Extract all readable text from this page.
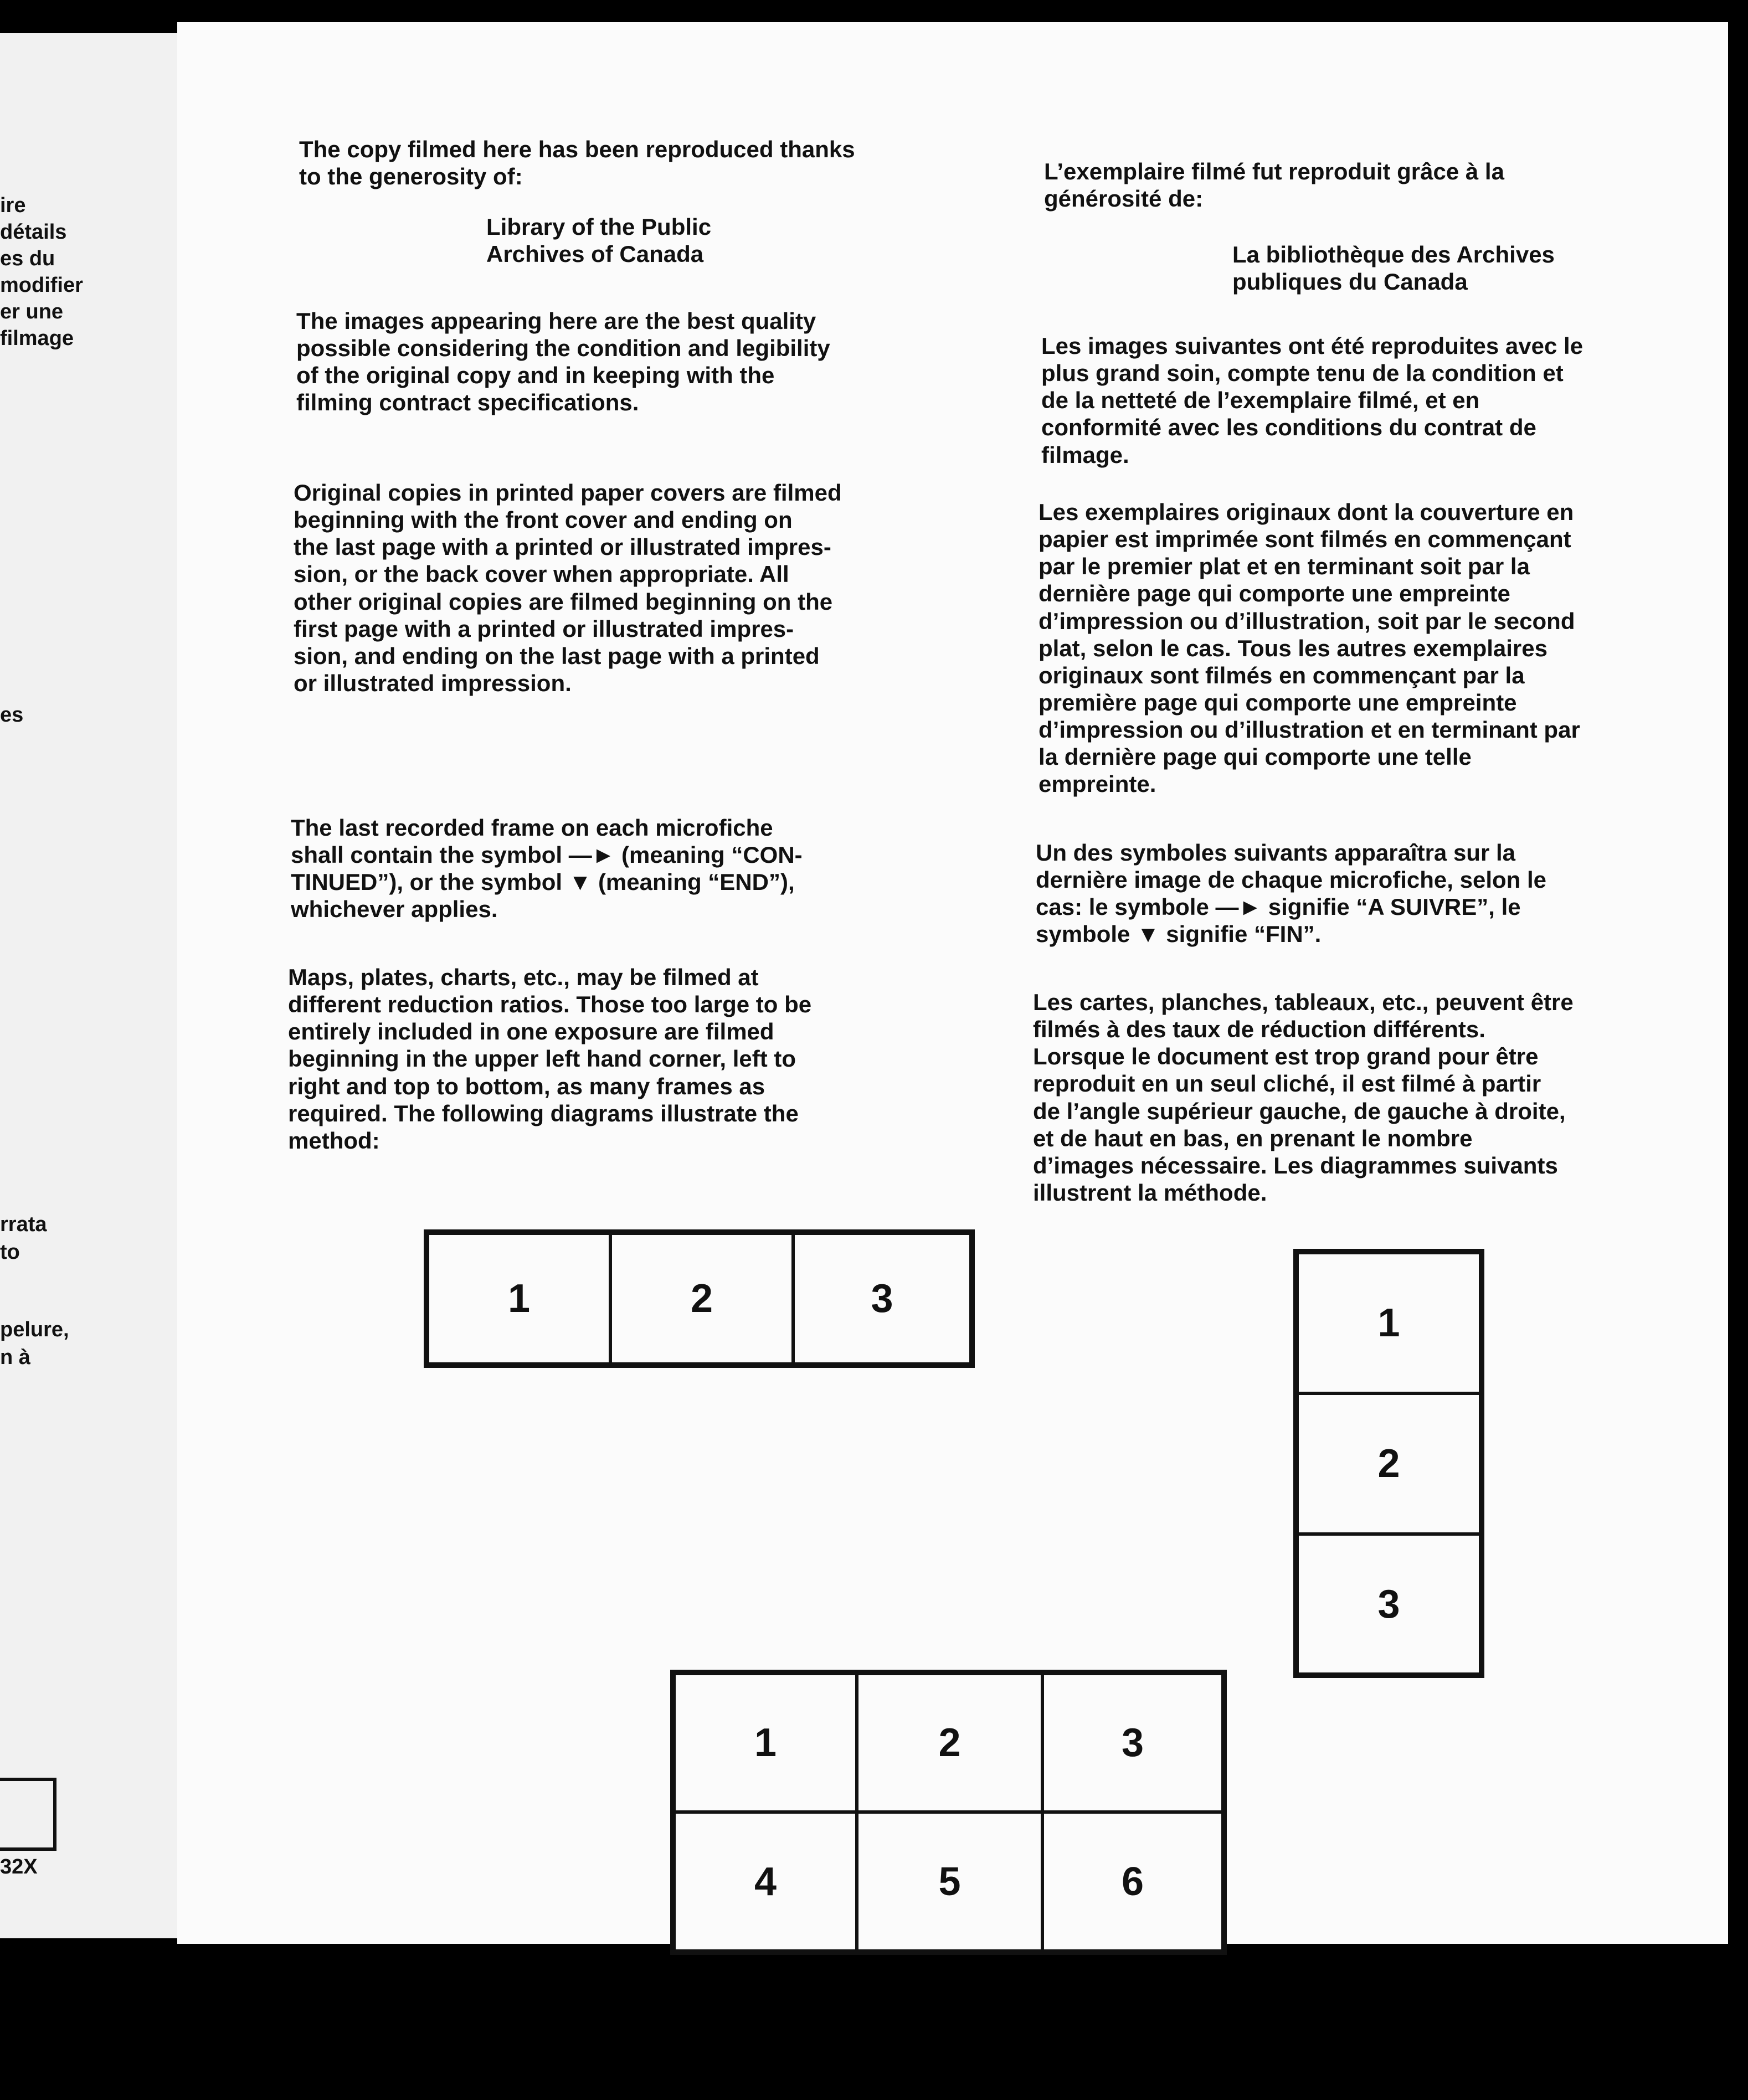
ire
détails
es du
modifier
er une
filmage
es
rrata
to
pelure,
n à
32X

The copy filmed here has been reproduced thanks

to the generosity of:

Library of the Public

Archives of Canada

The images appearing here are the best quality

possible considering the condition and legibility

of the original copy and in keeping with the

filming contract specifications.

Original copies in printed paper covers are filmed

beginning with the front cover and ending on

the last page with a printed or illustrated impres-

sion, or the back cover when appropriate. All

other original copies are filmed beginning on the

first page with a printed or illustrated impres-

sion, and ending on the last page with a printed

or illustrated impression.

The last recorded frame on each microfiche

shall contain the symbol —► (meaning “CON-

TINUED”), or the symbol ▼ (meaning “END”),

whichever applies.

Maps, plates, charts, etc., may be filmed at

different reduction ratios. Those too large to be

entirely included in one exposure are filmed

beginning in the upper left hand corner, left to

right and top to bottom, as many frames as

required. The following diagrams illustrate the

method:

L’exemplaire filmé fut reproduit grâce à la

générosité de:

La bibliothèque des Archives

publiques du Canada

Les images suivantes ont été reproduites avec le

plus grand soin, compte tenu de la condition et

de la netteté de l’exemplaire filmé, et en

conformité avec les conditions du contrat de

filmage.

Les exemplaires originaux dont la couverture en

papier est imprimée sont filmés en commençant

par le premier plat et en terminant soit par la

dernière page qui comporte une empreinte

d’impression ou d’illustration, soit par le second

plat, selon le cas. Tous les autres exemplaires

originaux sont filmés en commençant par la

première page qui comporte une empreinte

d’impression ou d’illustration et en terminant par

la dernière page qui comporte une telle

empreinte.

Un des symboles suivants apparaîtra sur la

dernière image de chaque microfiche, selon le

cas: le symbole —► signifie “A SUIVRE”, le

symbole ▼ signifie “FIN”.

Les cartes, planches, tableaux, etc., peuvent être

filmés à des taux de réduction différents.

Lorsque le document est trop grand pour être

reproduit en un seul cliché, il est filmé à partir

de l’angle supérieur gauche, de gauche à droite,

et de haut en bas, en prenant le nombre

d’images nécessaire. Les diagrammes suivants

illustrent la méthode.

1	2	3
1
2
3
1	2	3
4	5	6
